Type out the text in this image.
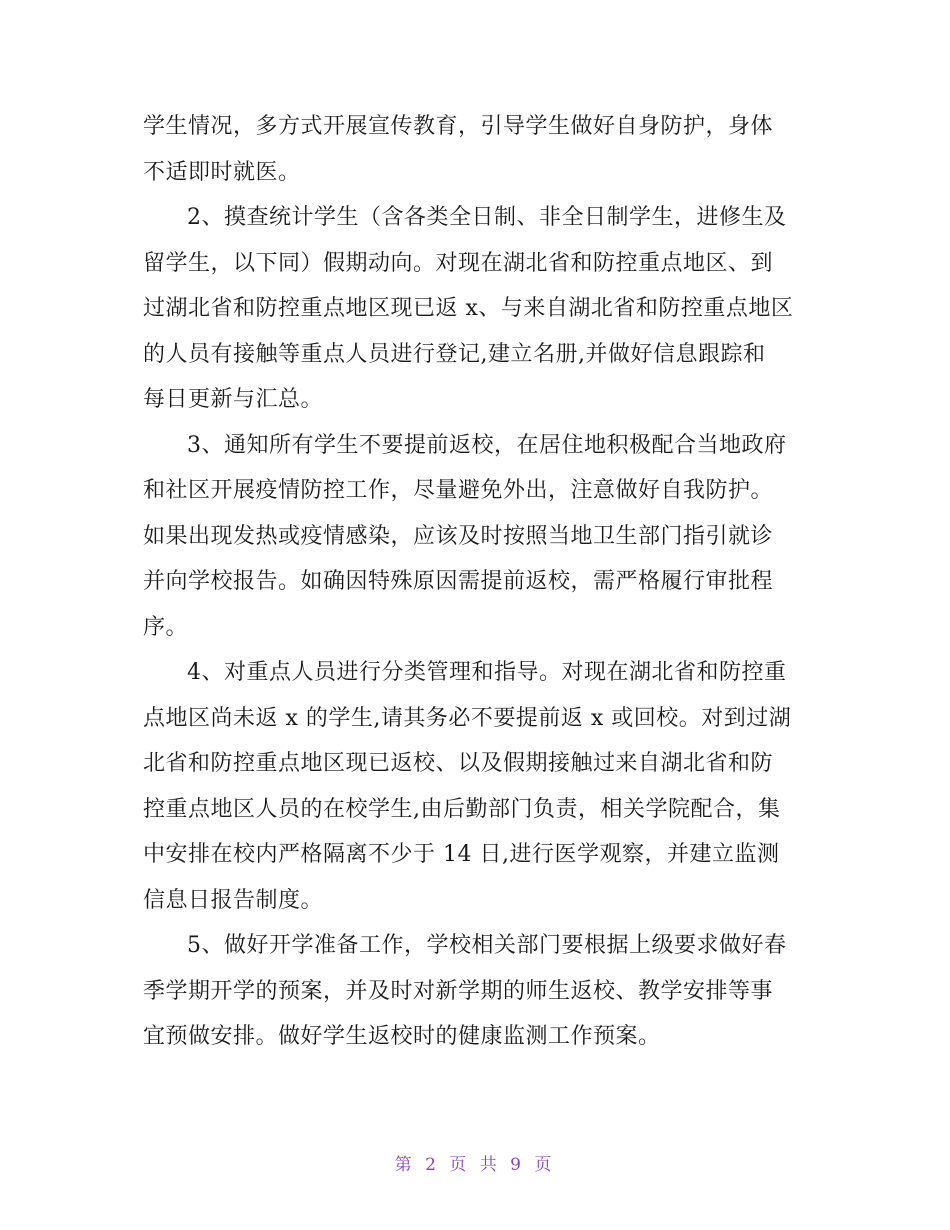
学生情况，多方式开展宣传教育，引导学生做好自身防护，身体
不适即时就医。
2、摸查统计学生（含各类全日制、非全日制学生，进修生及
留学生，以下同）假期动向。对现在湖北省和防控重点地区、到
过湖北省和防控重点地区现已返 x、与来自湖北省和防控重点地区
的人员有接触等重点人员进行登记,建立名册,并做好信息跟踪和
每日更新与汇总。
3、通知所有学生不要提前返校，在居住地积极配合当地政府
和社区开展疫情防控工作，尽量避免外出，注意做好自我防护。
如果出现发热或疫情感染，应该及时按照当地卫生部门指引就诊
并向学校报告。如确因特殊原因需提前返校，需严格履行审批程
序。
4、对重点人员进行分类管理和指导。对现在湖北省和防控重
点地区尚未返 x 的学生,请其务必不要提前返 x 或回校。对到过湖
北省和防控重点地区现已返校、以及假期接触过来自湖北省和防
控重点地区人员的在校学生,由后勤部门负责，相关学院配合，集
中安排在校内严格隔离不少于 14 日,进行医学观察，并建立监测
信息日报告制度。
5、做好开学准备工作，学校相关部门要根据上级要求做好春
季学期开学的预案，并及时对新学期的师生返校、教学安排等事
宜预做安排。做好学生返校时的健康监测工作预案。
第 2 页 共 9 页
